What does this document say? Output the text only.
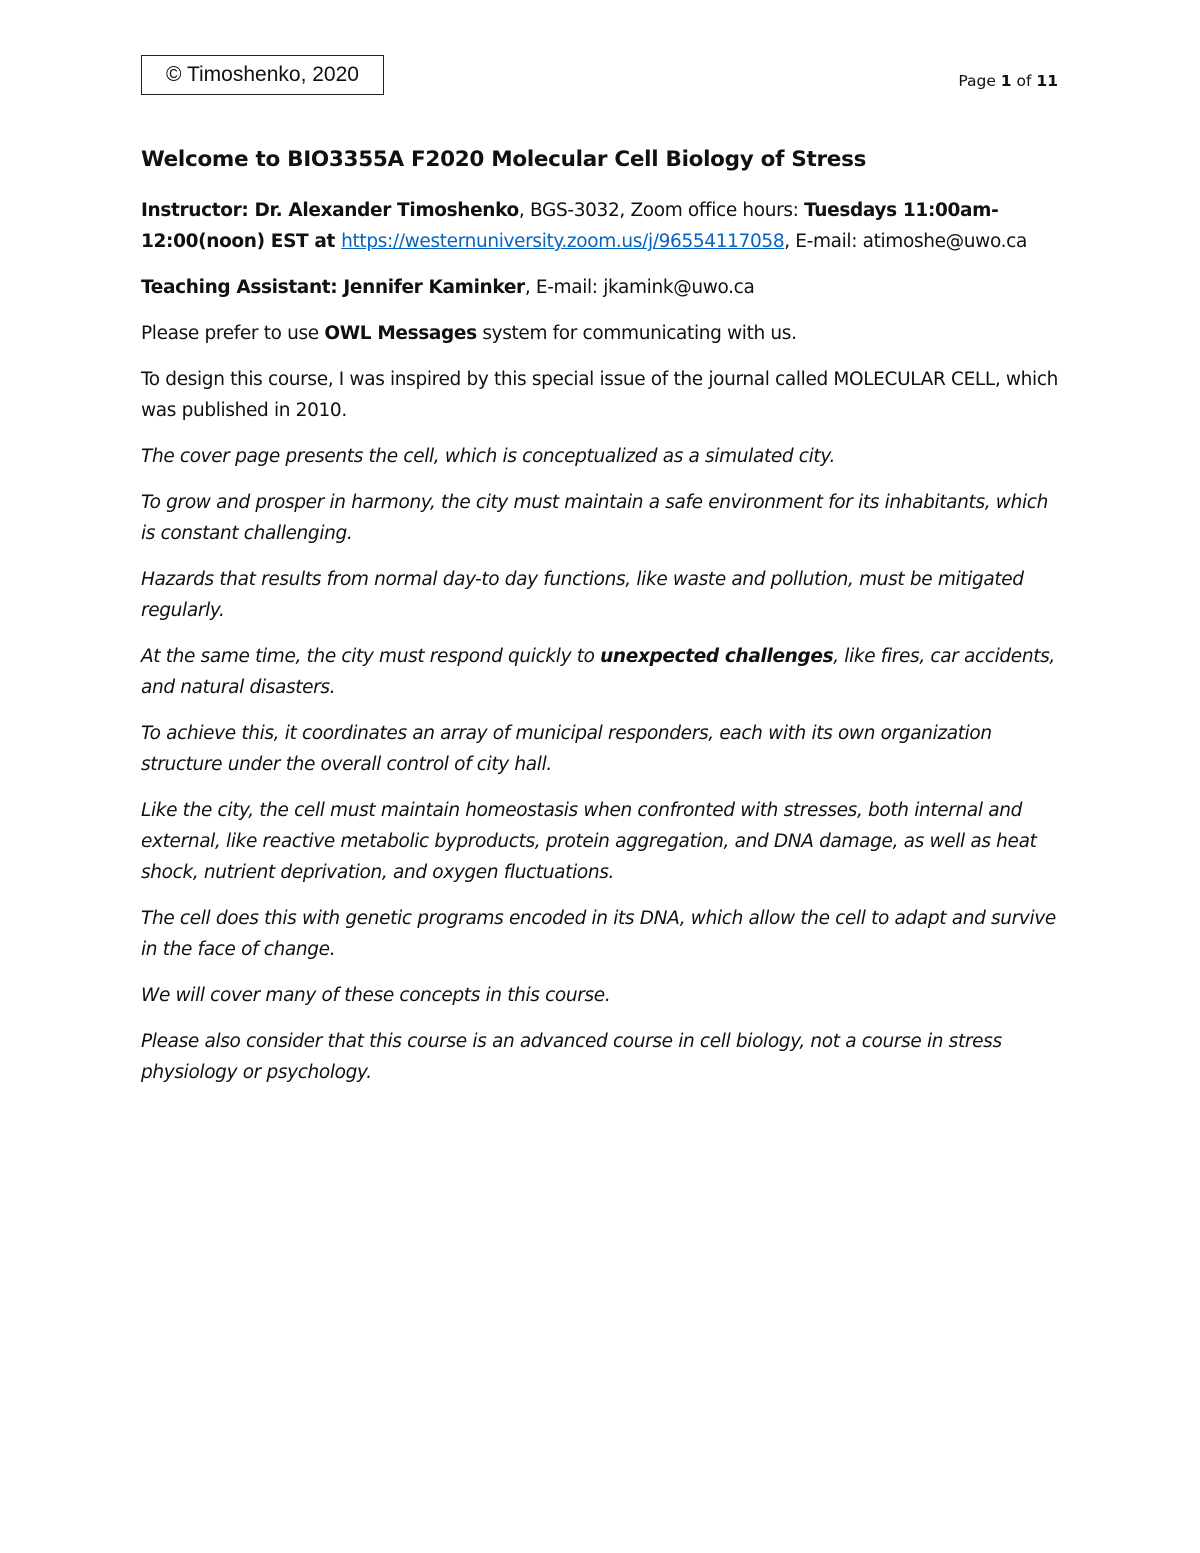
© Timoshenko, 2020	Page 1 of 11

Welcome to BIO3355A F2020 Molecular Cell Biology of Stress

Instructor: Dr. Alexander Timoshenko, BGS-3032, Zoom office hours: Tuesdays 11:00am-12:00(noon) EST at https://westernuniversity.zoom.us/j/96554117058, E-mail: atimoshe@uwo.ca

Teaching Assistant: Jennifer Kaminker, E-mail: jkamink@uwo.ca

Please prefer to use OWL Messages system for communicating with us.

To design this course, I was inspired by this special issue of the journal called MOLECULAR CELL, which was published in 2010.

The cover page presents the cell, which is conceptualized as a simulated city.

To grow and prosper in harmony, the city must maintain a safe environment for its inhabitants, which is constant challenging.

Hazards that results from normal day-to day functions, like waste and pollution, must be mitigated regularly.

At the same time, the city must respond quickly to unexpected challenges, like fires, car accidents, and natural disasters.

To achieve this, it coordinates an array of municipal responders, each with its own organization structure under the overall control of city hall.

Like the city, the cell must maintain homeostasis when confronted with stresses, both internal and external, like reactive metabolic byproducts, protein aggregation, and DNA damage, as well as heat shock, nutrient deprivation, and oxygen fluctuations.

The cell does this with genetic programs encoded in its DNA, which allow the cell to adapt and survive in the face of change.

We will cover many of these concepts in this course.

Please also consider that this course is an advanced course in cell biology, not a course in stress physiology or psychology.
